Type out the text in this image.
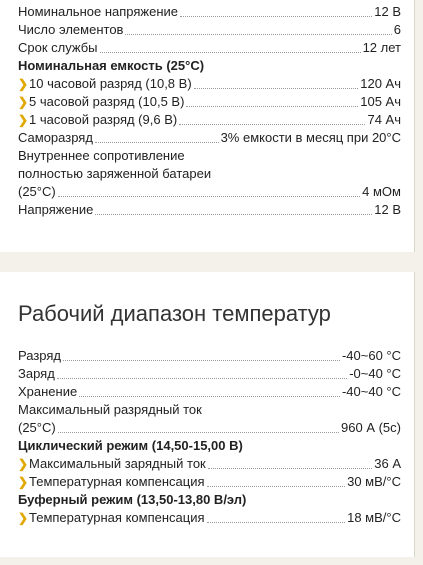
Номинальное напряжение	12 В
Число элементов	6
Срок службы	12 лет
Номинальная емкость (25°С)
❯ 10 часовой разряд (10,8 В)	120 Ач
❯ 5 часовой разряд (10,5 В)	105 Ач
❯ 1 часовой разряд (9,6 В)	74 Ач
Саморазряд	3% емкости в месяц при 20°С
Внутреннее сопротивление
полностью заряженной батареи
(25°С)	4 мОм
Напряжение	12 В
Рабочий диапазон температур
Разряд	-40~60 °С
Заряд	-0~40 °С
Хранение	-40~40 °С
Максимальный разрядный ток
(25°С)	960 А (5с)
Циклический режим (14,50-15,00 В)
❯ Максимальный зарядный ток	36 А
❯ Температурная компенсация	30 мВ/°С
Буферный режим (13,50-13,80 В/эл)
❯ Температурная компенсация	18 мВ/°С
